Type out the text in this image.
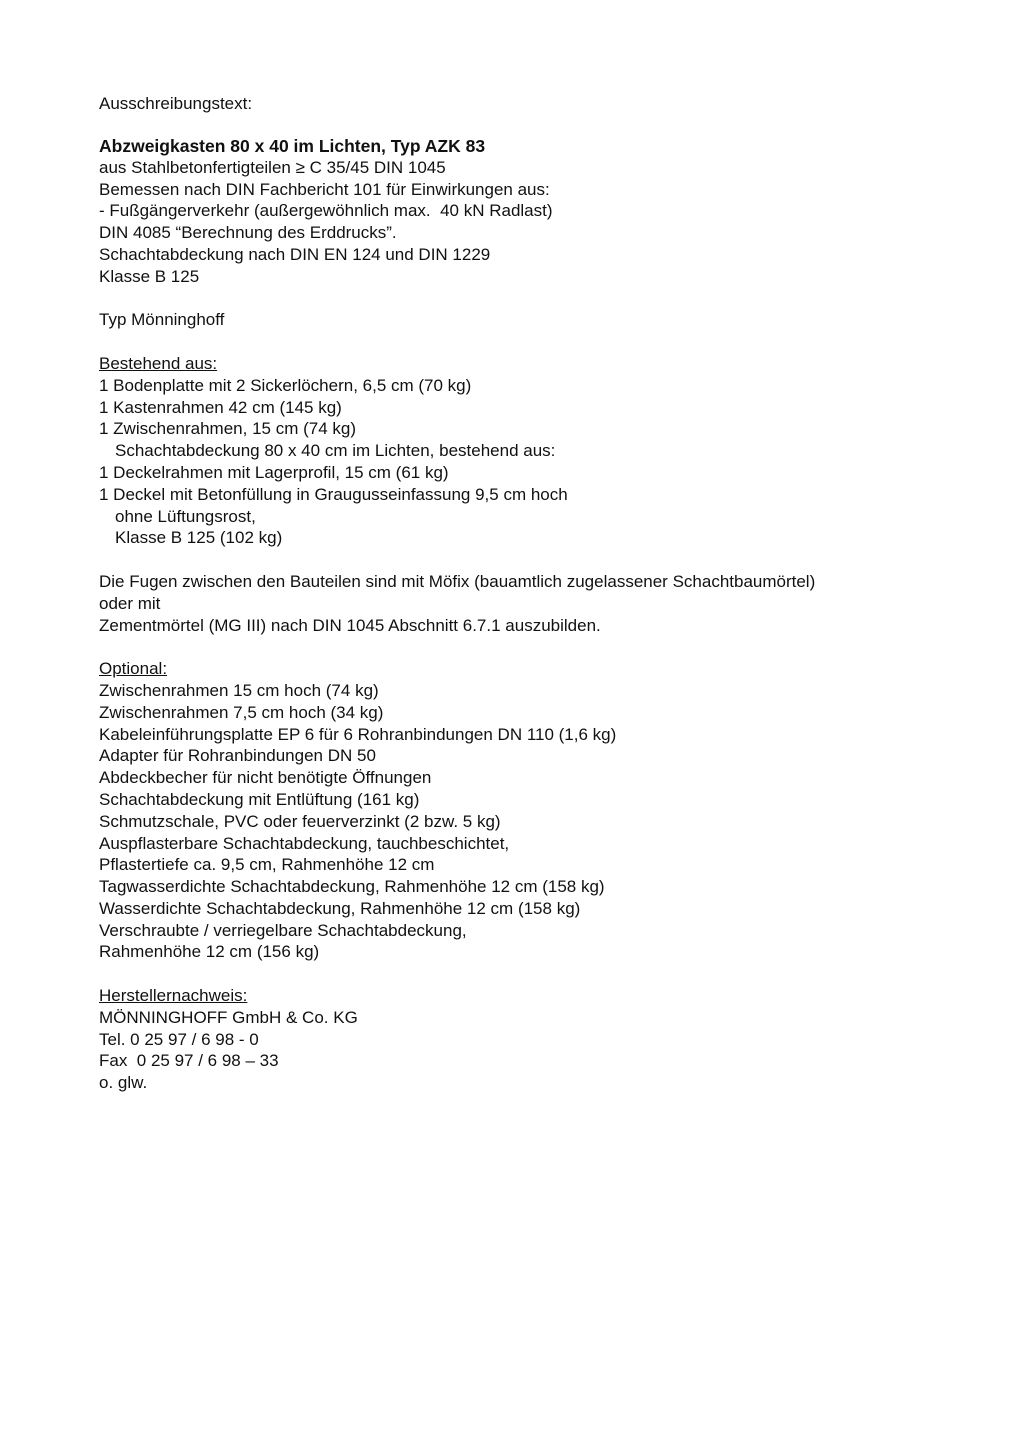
Ausschreibungstext:

Abzweigkasten 80 x 40 im Lichten, Typ AZK 83

aus Stahlbetonfertigteilen ≥ C 35/45 DIN 1045

Bemessen nach DIN Fachbericht 101 für Einwirkungen aus:

- Fußgängerverkehr (außergewöhnlich max.  40 kN Radlast)

DIN 4085 “Berechnung des Erddrucks”.

Schachtabdeckung nach DIN EN 124 und DIN 1229

Klasse B 125

Typ Mönninghoff

Bestehend aus:

1 Bodenplatte mit 2 Sickerlöchern, 6,5 cm (70 kg)

1 Kastenrahmen 42 cm (145 kg)

1 Zwischenrahmen, 15 cm (74 kg)

Schachtabdeckung 80 x 40 cm im Lichten, bestehend aus:

1 Deckelrahmen mit Lagerprofil, 15 cm (61 kg)

1 Deckel mit Betonfüllung in Graugusseinfassung 9,5 cm hoch

ohne Lüftungsrost,

Klasse B 125 (102 kg)

Die Fugen zwischen den Bauteilen sind mit Möfix (bauamtlich zugelassener Schachtbaumörtel)

oder mit

Zementmörtel (MG III) nach DIN 1045 Abschnitt 6.7.1 auszubilden.

Optional:

Zwischenrahmen 15 cm hoch (74 kg)

Zwischenrahmen 7,5 cm hoch (34 kg)

Kabeleinführungsplatte EP 6 für 6 Rohranbindungen DN 110 (1,6 kg)

Adapter für Rohranbindungen DN 50

Abdeckbecher für nicht benötigte Öffnungen

Schachtabdeckung mit Entlüftung (161 kg)

Schmutzschale, PVC oder feuerverzinkt (2 bzw. 5 kg)

Auspflasterbare Schachtabdeckung, tauchbeschichtet,

Pflastertiefe ca. 9,5 cm, Rahmenhöhe 12 cm

Tagwasserdichte Schachtabdeckung, Rahmenhöhe 12 cm (158 kg)

Wasserdichte Schachtabdeckung, Rahmenhöhe 12 cm (158 kg)

Verschraubte / verriegelbare Schachtabdeckung,

Rahmenhöhe 12 cm (156 kg)

Herstellernachweis:

MÖNNINGHOFF GmbH & Co. KG

Tel. 0 25 97 / 6 98 - 0

Fax  0 25 97 / 6 98 – 33

o. glw.
